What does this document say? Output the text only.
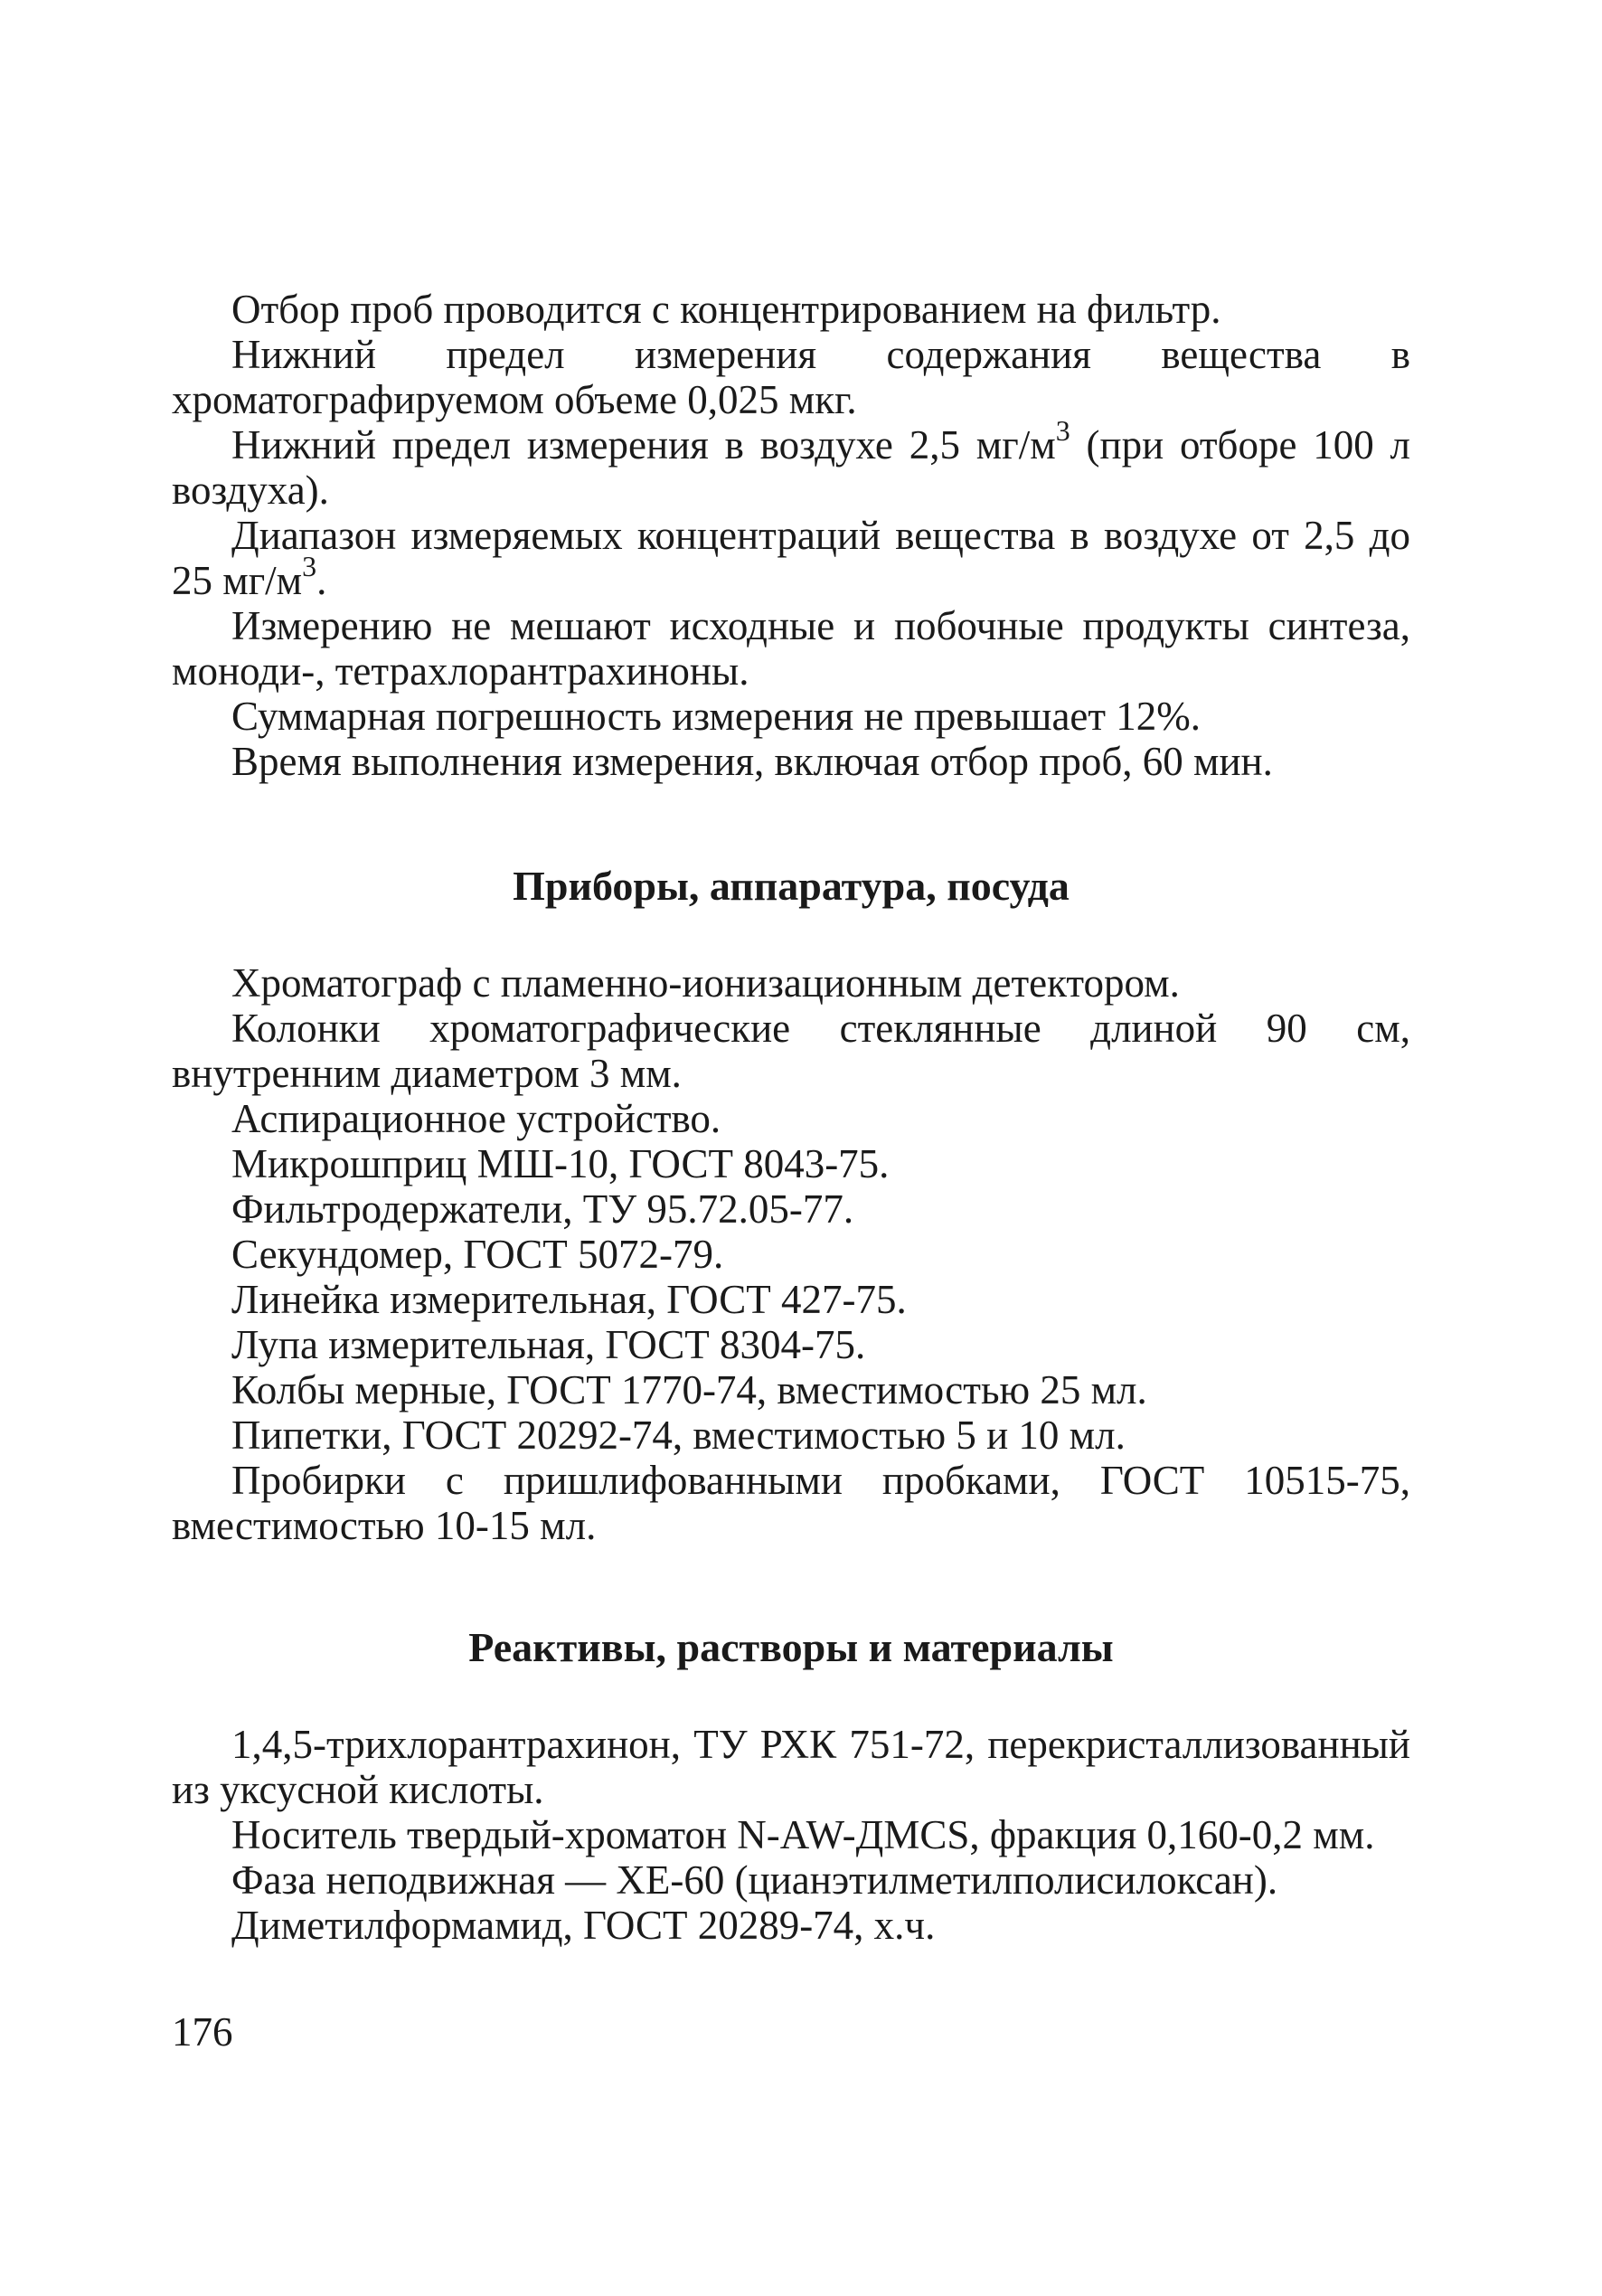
Отбор проб проводится с концентрированием на фильтр.
Нижний предел измерения содержания вещества в хроматографируемом объеме 0,025 мкг.
Нижний предел измерения в воздухе 2,5 $мг/м^3$ (при отборе 100 л воздуха).
Диапазон измеряемых концентраций вещества в воздухе от 2,5 до 25 $мг/м^3$.
Измерению не мешают исходные и побочные продукты синтеза, моноди-, тетрахлорантрахиноны.
Суммарная погрешность измерения не превышает 12%.
Время выполнения измерения, включая отбор проб, 60 мин.
Приборы, аппаратура, посуда
Хроматограф с пламенно-ионизационным детектором.
Колонки хроматографические стеклянные длиной 90 см, внутренним диаметром 3 мм.
Аспирационное устройство.
Микрошприц МШ-10, ГОСТ 8043-75.
Фильтродержатели, ТУ 95.72.05-77.
Секундомер, ГОСТ 5072-79.
Линейка измерительная, ГОСТ 427-75.
Лупа измерительная, ГОСТ 8304-75.
Колбы мерные, ГОСТ 1770-74, вместимостью 25 мл.
Пипетки, ГОСТ 20292-74, вместимостью 5 и 10 мл.
Пробирки с пришлифованными пробками, ГОСТ 10515-75, вместимостью 10-15 мл.
Реактивы, растворы и материалы
1,4,5-трихлорантрахинон, ТУ РХК 751-72, перекристаллизованный из уксусной кислоты.
Носитель твердый-хроматон N-AW-ДМCS, фракция 0,160-0,2 мм.
Фаза неподвижная — ХЕ-60 (цианэтилметилполисилоксан).
Диметилформамид, ГОСТ 20289-74, х.ч.
176
